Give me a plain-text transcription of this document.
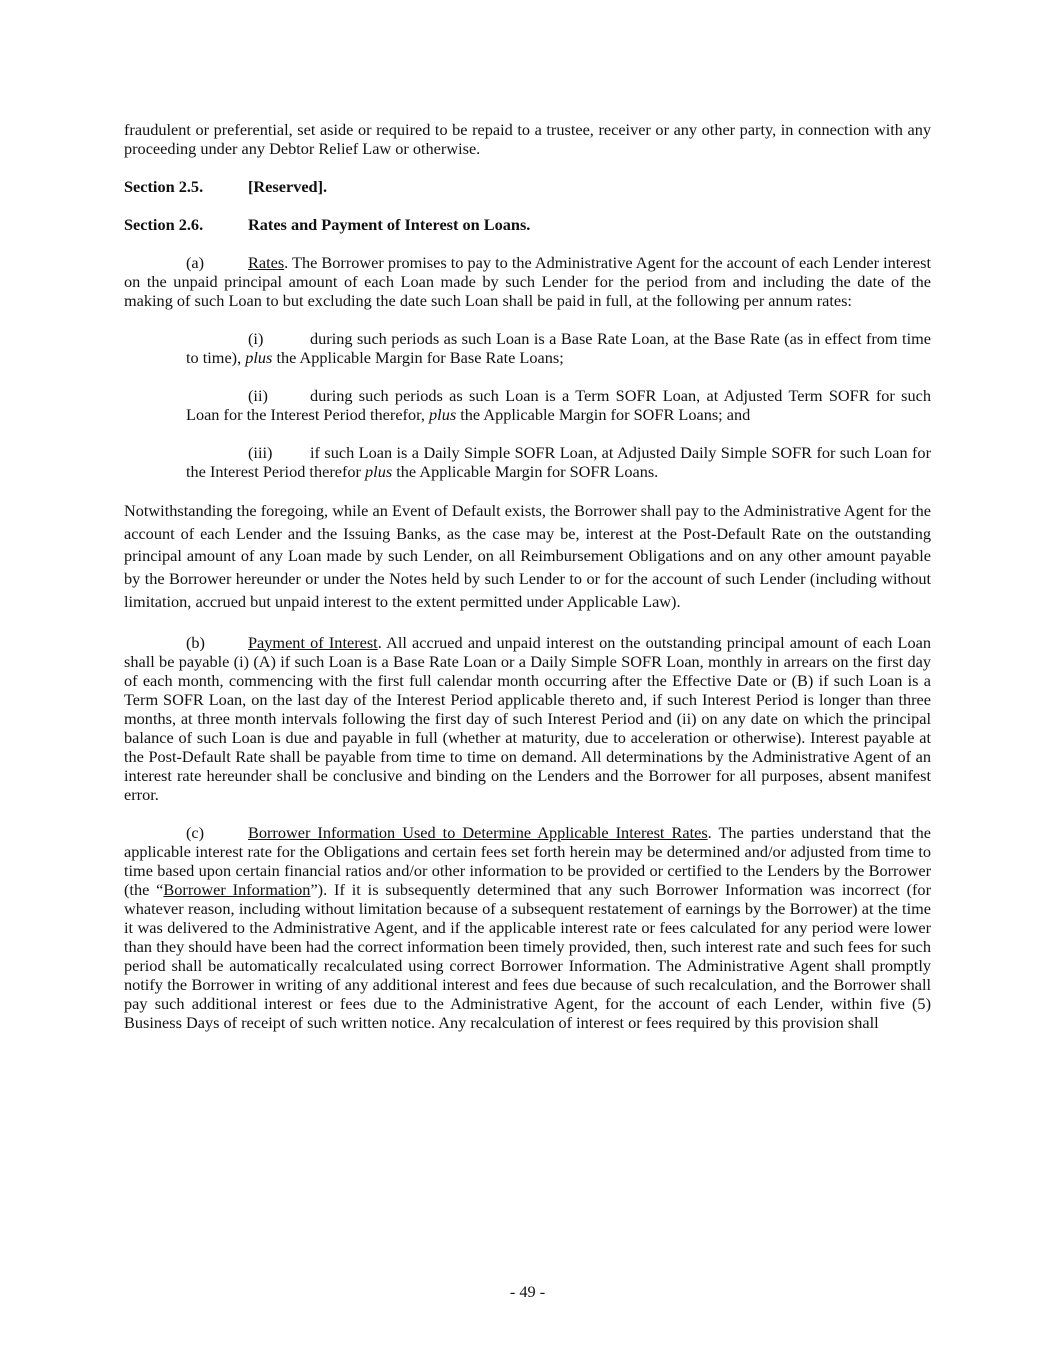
fraudulent or preferential, set aside or required to be repaid to a trustee, receiver or any other party, in connection with any proceeding under any Debtor Relief Law or otherwise.

Section 2.5.	[Reserved].

Section 2.6.	Rates and Payment of Interest on Loans.

(a)	Rates. The Borrower promises to pay to the Administrative Agent for the account of each Lender interest on the unpaid principal amount of each Loan made by such Lender for the period from and including the date of the making of such Loan to but excluding the date such Loan shall be paid in full, at the following per annum rates:

(i)	during such periods as such Loan is a Base Rate Loan, at the Base Rate (as in effect from time to time), plus the Applicable Margin for Base Rate Loans;

(ii)	during such periods as such Loan is a Term SOFR Loan, at Adjusted Term SOFR for such Loan for the Interest Period therefor, plus the Applicable Margin for SOFR Loans; and

(iii) if such Loan is a Daily Simple SOFR Loan, at Adjusted Daily Simple SOFR for such Loan for the Interest Period therefor plus the Applicable Margin for SOFR Loans.

Notwithstanding the foregoing, while an Event of Default exists, the Borrower shall pay to the Administrative Agent for the account of each Lender and the Issuing Banks, as the case may be, interest at the Post-Default Rate on the outstanding principal amount of any Loan made by such Lender, on all Reimbursement Obligations and on any other amount payable by the Borrower hereunder or under the Notes held by such Lender to or for the account of such Lender (including without limitation, accrued but unpaid interest to the extent permitted under Applicable Law).

(b)	Payment of Interest. All accrued and unpaid interest on the outstanding principal amount of each Loan shall be payable (i) (A) if such Loan is a Base Rate Loan or a Daily Simple SOFR Loan, monthly in arrears on the first day of each month, commencing with the first full calendar month occurring after the Effective Date or (B) if such Loan is a Term SOFR Loan, on the last day of the Interest Period applicable thereto and, if such Interest Period is longer than three months, at three month intervals following the first day of such Interest Period and (ii) on any date on which the principal balance of such Loan is due and payable in full (whether at maturity, due to acceleration or otherwise). Interest payable at the Post-Default Rate shall be payable from time to time on demand. All determinations by the Administrative Agent of an interest rate hereunder shall be conclusive and binding on the Lenders and the Borrower for all purposes, absent manifest error.

(c)	Borrower Information Used to Determine Applicable Interest Rates. The parties understand that the applicable interest rate for the Obligations and certain fees set forth herein may be determined and/or adjusted from time to time based upon certain financial ratios and/or other information to be provided or certified to the Lenders by the Borrower (the “Borrower Information”). If it is subsequently determined that any such Borrower Information was incorrect (for whatever reason, including without limitation because of a subsequent restatement of earnings by the Borrower) at the time it was delivered to the Administrative Agent, and if the applicable interest rate or fees calculated for any period were lower than they should have been had the correct information been timely provided, then, such interest rate and such fees for such period shall be automatically recalculated using correct Borrower Information. The Administrative Agent shall promptly notify the Borrower in writing of any additional interest and fees due because of such recalculation, and the Borrower shall pay such additional interest or fees due to the Administrative Agent, for the account of each Lender, within five (5) Business Days of receipt of such written notice. Any recalculation of interest or fees required by this provision shall

- 49 -
